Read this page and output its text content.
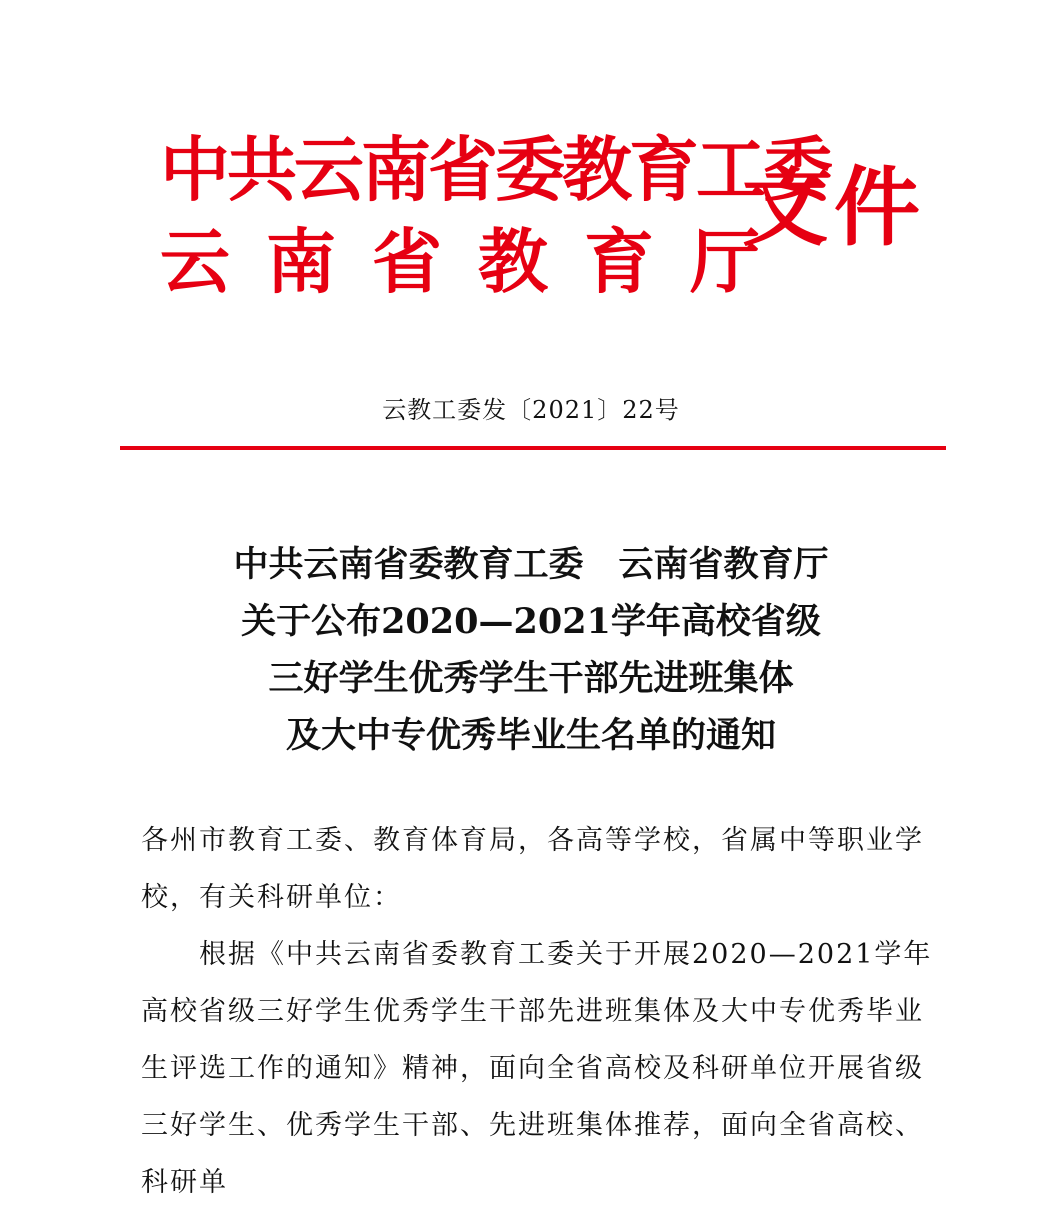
中共云南省委教育工委
云南省教育厅
文件
云教工委发〔2021〕22号
中共云南省委教育工委　云南省教育厅
关于公布2020—2021学年高校省级
三好学生优秀学生干部先进班集体
及大中专优秀毕业生名单的通知

各州市教育工委、教育体育局，各高等学校，省属中等职业学校，有关科研单位：

根据《中共云南省委教育工委关于开展2020—2021学年高校省级三好学生优秀学生干部先进班集体及大中专优秀毕业生评选工作的通知》精神，面向全省高校及科研单位开展省级三好学生、优秀学生干部、先进班集体推荐，面向全省高校、科研单
